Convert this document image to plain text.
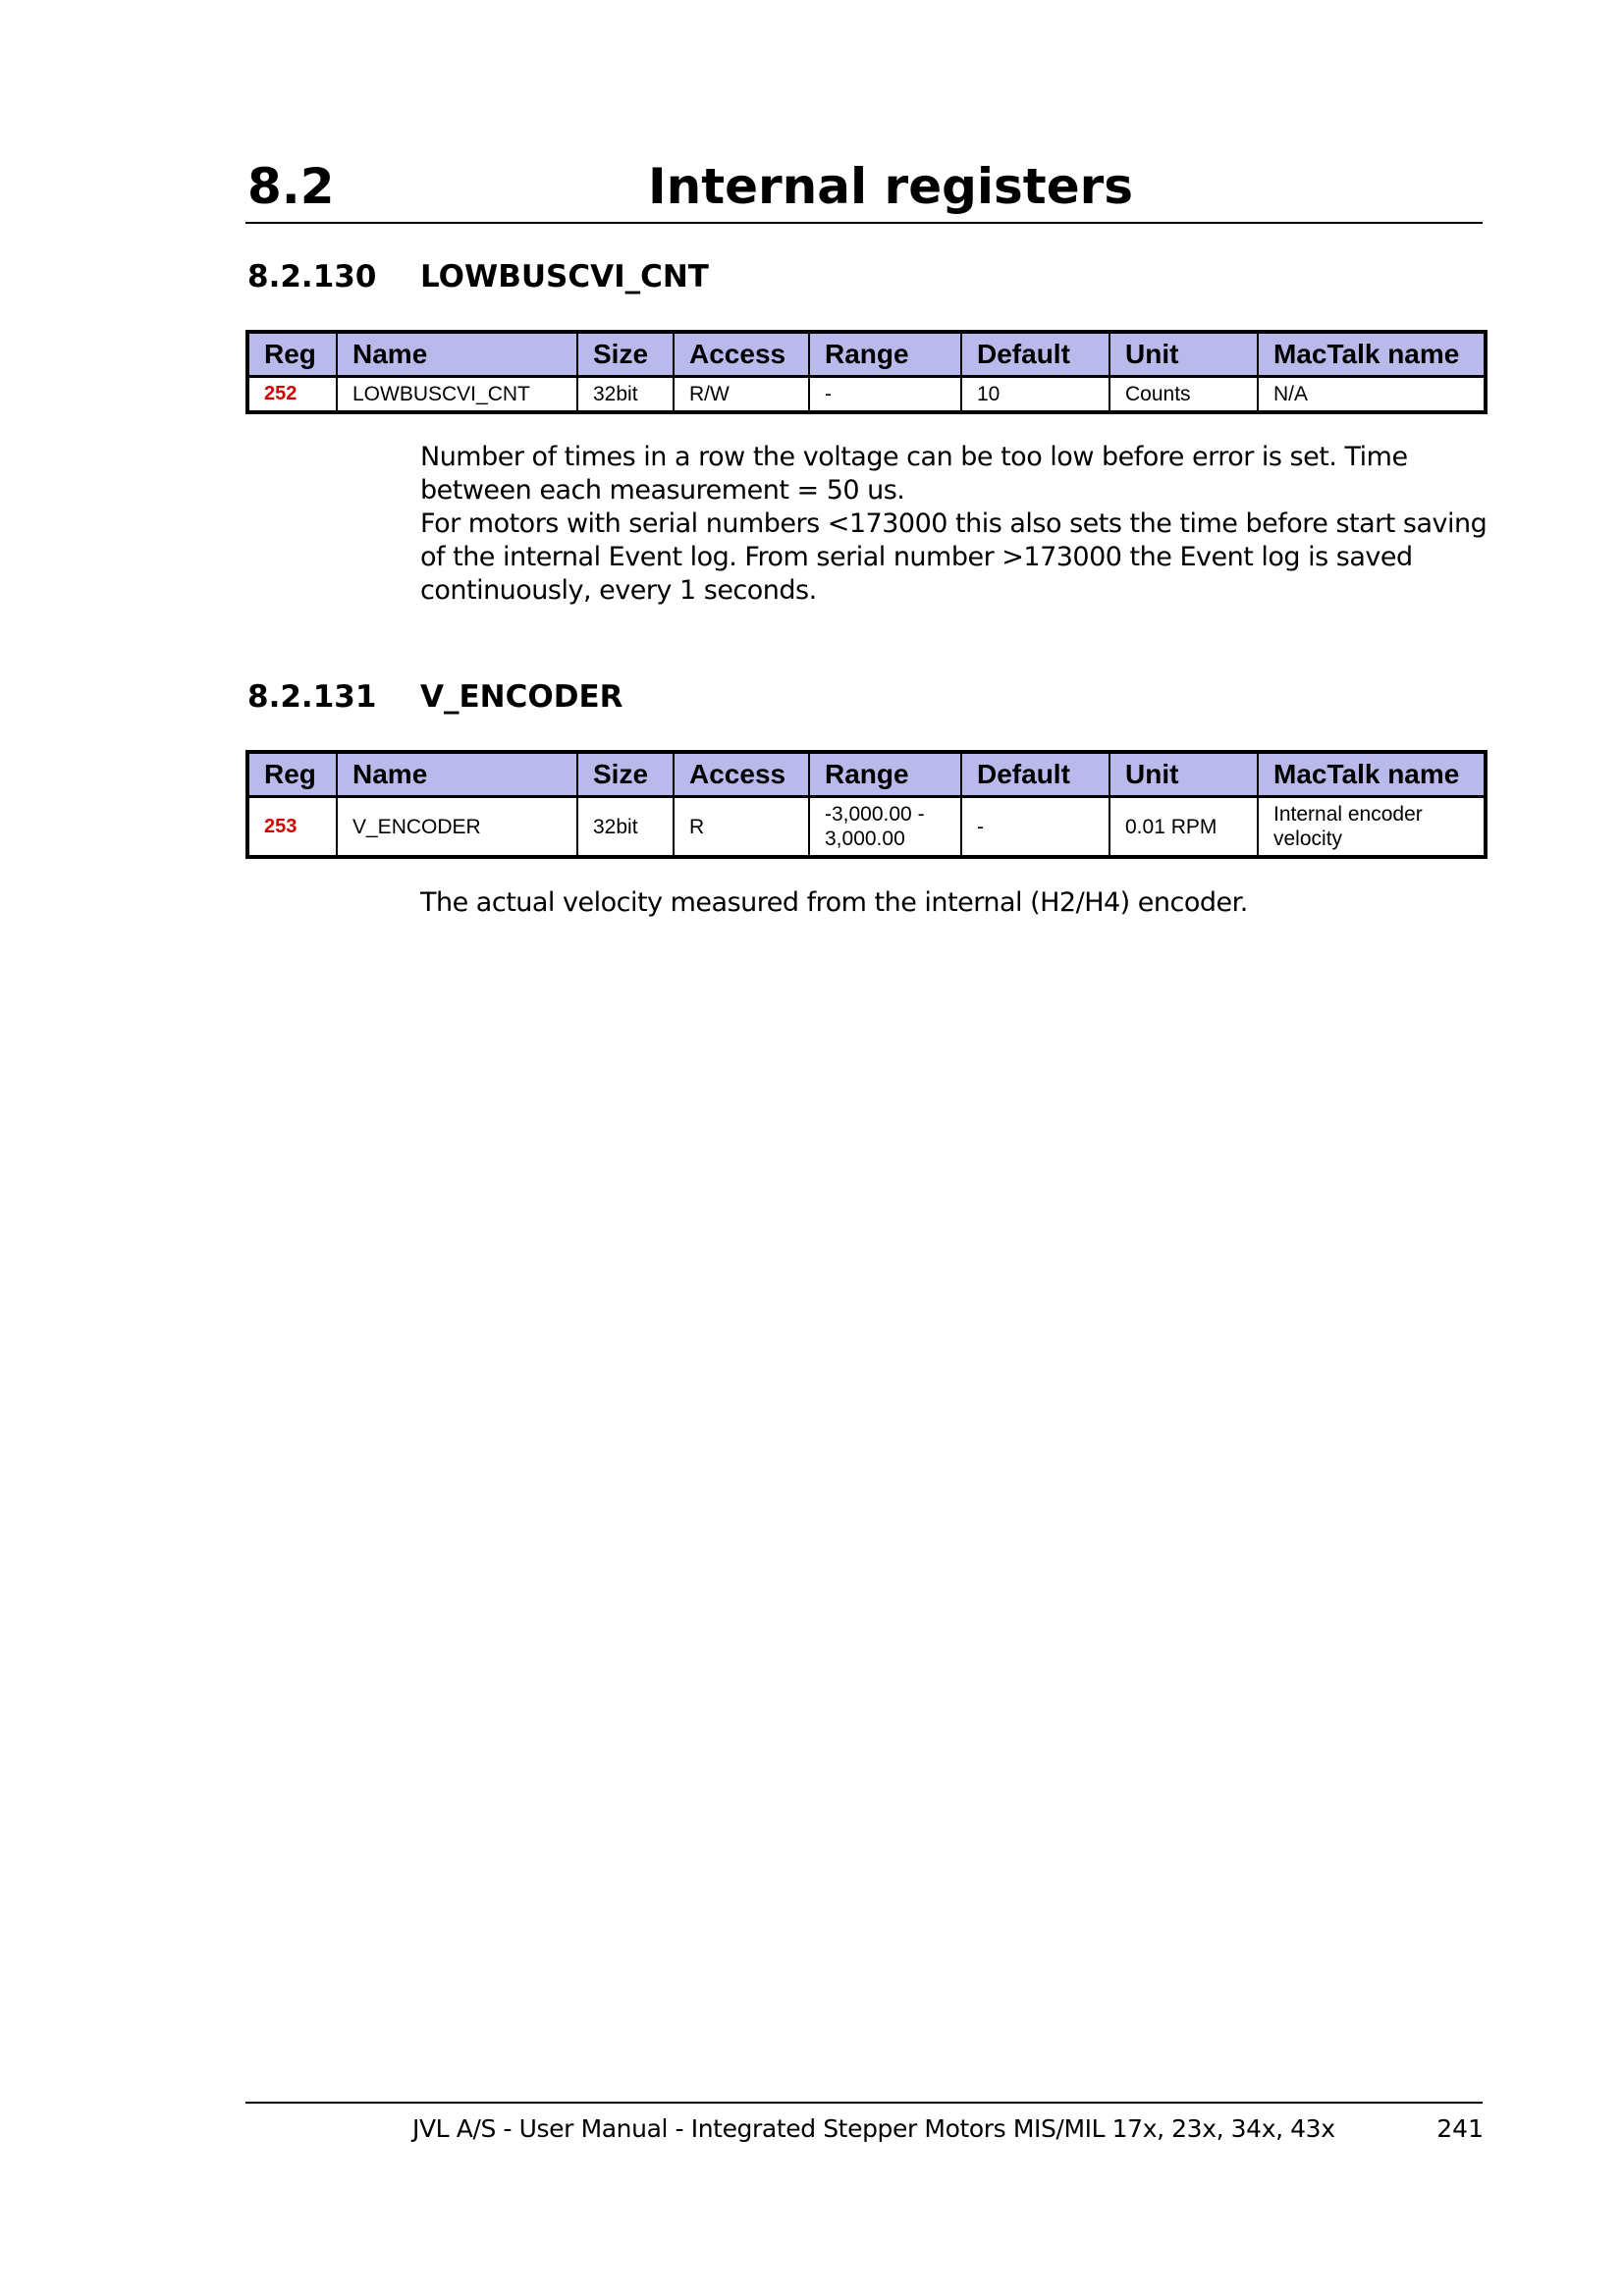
8.2	Internal registers
8.2.130 LOWBUSCVI_CNT
Reg	Name	Size	Access	Range	Default	Unit	MacTalk name
252	LOWBUSCVI_CNT	32bit	R/W	-	10	Counts	N/A

Number of times in a row the voltage can be too low before error is set. Time between each measurement = 50 us.

For motors with serial numbers <173000 this also sets the time before start saving of the internal Event log. From serial number >173000 the Event log is saved continuously, every 1 seconds.

8.2.131 V_ENCODER
Reg	Name	Size	Access	Range	Default	Unit	MacTalk name
253	V_ENCODER	32bit	R	-3,000.00 - 3,000.00	-	0.01 RPM	Internal encoder velocity

The actual velocity measured from the internal (H2/H4) encoder.

JVL A/S - User Manual - Integrated Stepper Motors MIS/MIL 17x, 23x, 34x, 43x	241
